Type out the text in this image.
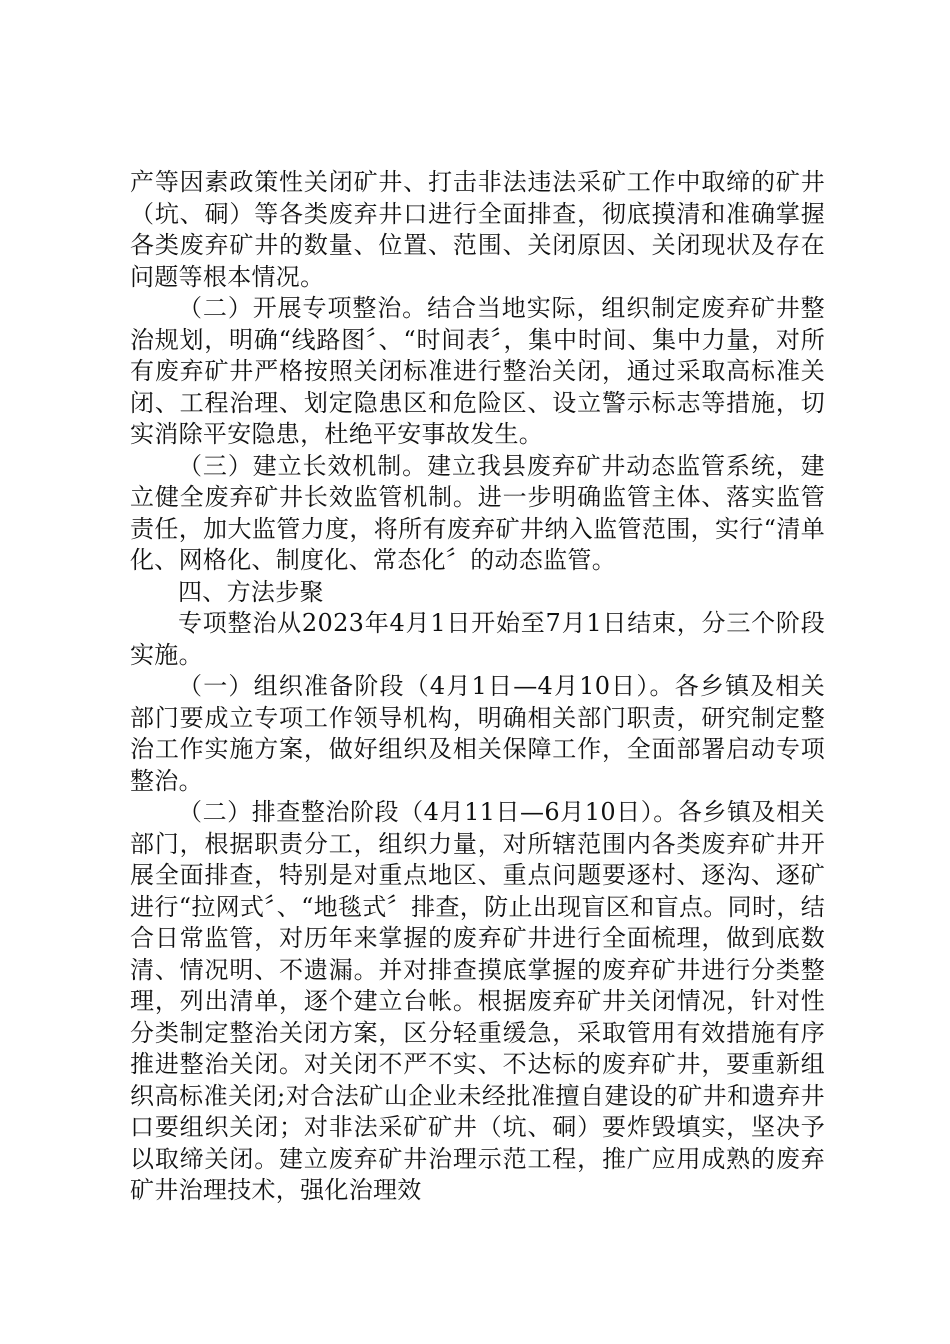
产等因素政策性关闭矿井、打击非法违法采矿工作中取缔的矿井（坑、硐）等各类废弃井口进行全面排查，彻底摸清和准确掌握各类废弃矿井的数量、位置、范围、关闭原因、关闭现状及存在问题等根本情况。

（二）开展专项整治。结合当地实际，组织制定废弃矿井整治规划，明确“线路图〞、“时间表〞，集中时间、集中力量，对所有废弃矿井严格按照关闭标准进行整治关闭，通过采取高标准关闭、工程治理、划定隐患区和危险区、设立警示标志等措施，切实消除平安隐患，杜绝平安事故发生。

（三）建立长效机制。建立我县废弃矿井动态监管系统，建立健全废弃矿井长效监管机制。进一步明确监管主体、落实监管责任，加大监管力度，将所有废弃矿井纳入监管范围，实行“清单化、网格化、制度化、常态化〞的动态监管。

四、方法步聚

专项整治从2023年4月1日开始至7月1日结束，分三个阶段实施。

（一）组织准备阶段（4月1日—4月10日）。各乡镇及相关部门要成立专项工作领导机构，明确相关部门职责，研究制定整治工作实施方案，做好组织及相关保障工作，全面部署启动专项整治。

（二）排查整治阶段（4月11日—6月10日）。各乡镇及相关部门，根据职责分工，组织力量，对所辖范围内各类废弃矿井开展全面排查，特别是对重点地区、重点问题要逐村、逐沟、逐矿进行“拉网式〞、“地毯式〞排查，防止出现盲区和盲点。同时，结合日常监管，对历年来掌握的废弃矿井进行全面梳理，做到底数清、情况明、不遗漏。并对排查摸底掌握的废弃矿井进行分类整理，列出清单，逐个建立台帐。根据废弃矿井关闭情况，针对性分类制定整治关闭方案，区分轻重缓急，采取管用有效措施有序推进整治关闭。对关闭不严不实、不达标的废弃矿井，要重新组织高标准关闭;对合法矿山企业未经批准擅自建设的矿井和遗弃井口要组织关闭；对非法采矿矿井（坑、硐）要炸毁填实，坚决予以取缔关闭。建立废弃矿井治理示范工程，推广应用成熟的废弃矿井治理技术，强化治理效
